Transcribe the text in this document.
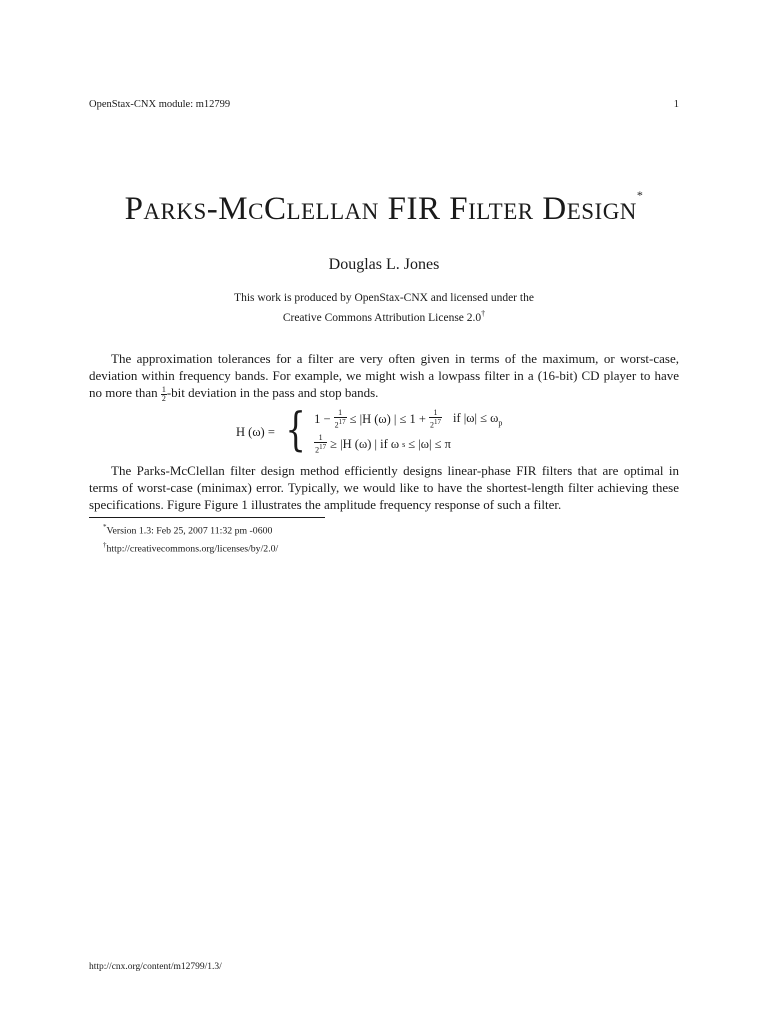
OpenStax-CNX module: m12799	1
Parks-McClellan FIR Filter Design*
Douglas L. Jones
This work is produced by OpenStax-CNX and licensed under the
Creative Commons Attribution License 2.0†
The approximation tolerances for a filter are very often given in terms of the maximum, or worst-case, deviation within frequency bands. For example, we might wish a lowpass filter in a (16-bit) CD player to have no more than $\frac{1}{2} -bit$ deviation in the pass and stop bands.
H (ω) = { $1 - \frac{1}{2^{17}} \le |H$ (ω) | ≤ $1 + \frac{1}{2^{17}}$ if $|\omega| \le \omega_p$
$\frac{1}{2^{17}} \ge |H$ (ω) | if ω s ≤ |ω| ≤ π
The Parks-McClellan filter design method efficiently designs linear-phase FIR filters that are optimal in terms of worst-case (minimax) error. Typically, we would like to have the shortest-length filter achieving these specifications. Figure Figure 1 illustrates the amplitude frequency response of such a filter.
*Version 1.3: Feb 25, 2007 11:32 pm -0600
†http://creativecommons.org/licenses/by/2.0/
http://cnx.org/content/m12799/1.3/
